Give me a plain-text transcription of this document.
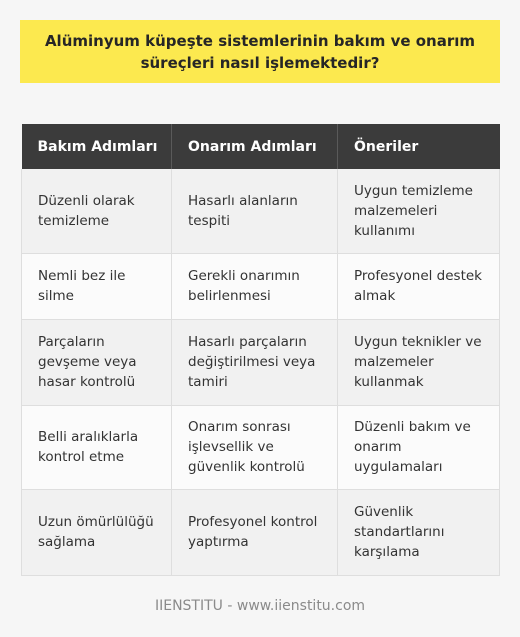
Alüminyum küpeşte sistemlerinin bakım ve onarım süreçleri nasıl işlemektedir?
Bakım Adımları	Onarım Adımları	Öneriler
Düzenli olarak temizleme	Hasarlı alanların tespiti	Uygun temizleme malzemeleri kullanımı
Nemli bez ile silme	Gerekli onarımın belirlenmesi	Profesyonel destek almak
Parçaların gevşeme veya hasar kontrolü	Hasarlı parçaların değiştirilmesi veya tamiri	Uygun teknikler ve malzemeler kullanmak
Belli aralıklarla kontrol etme	Onarım sonrası işlevsellik ve güvenlik kontrolü	Düzenli bakım ve onarım uygulamaları
Uzun ömürlülüğü sağlama	Profesyonel kontrol yaptırma	Güvenlik standartlarını karşılama
IIENSTITU - www.iienstitu.com
